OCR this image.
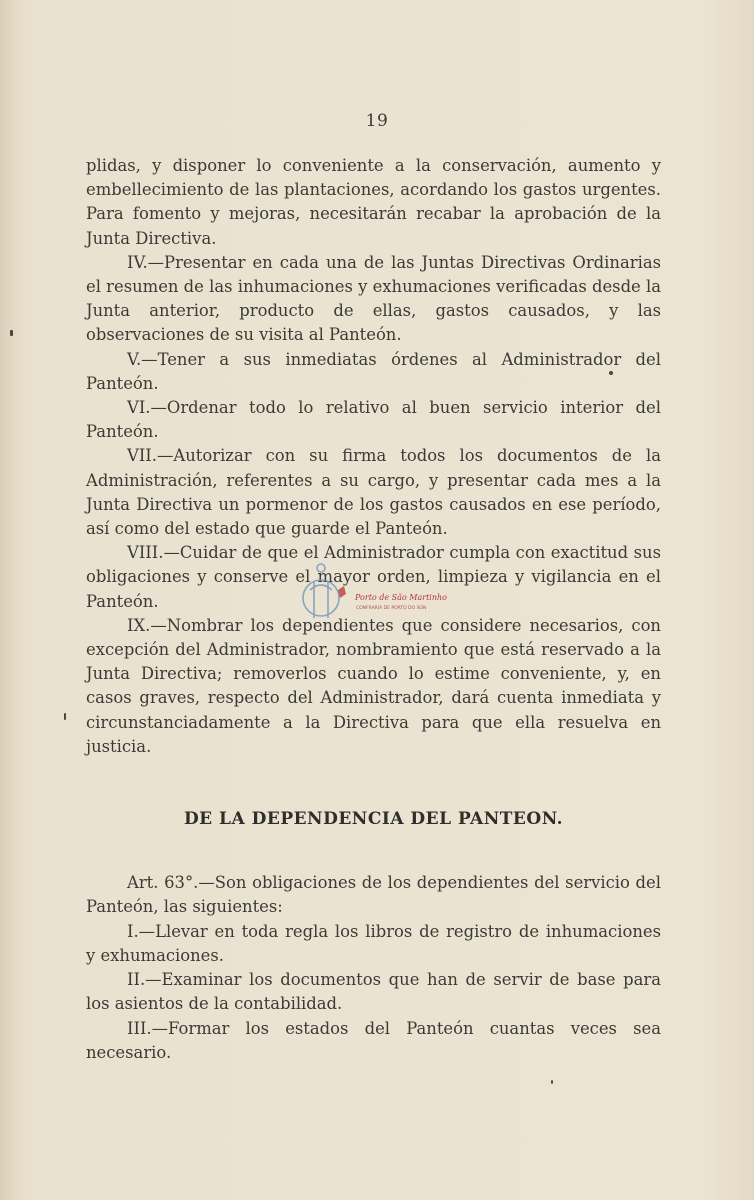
19

plidas, y disponer lo conveniente a la conservación, aumento y embellecimiento de las plantaciones, acordando los gastos urgentes. Para fomento y mejoras, necesitarán recabar la aprobación de la Junta Directiva.

IV.—Presentar en cada una de las Juntas Directivas Ordinarias el resumen de las inhumaciones y exhumaciones verificadas desde la Junta anterior, producto de ellas, gastos causados, y las observaciones de su visita al Panteón.

V.—Tener a sus inmediatas órdenes al Administrador del Panteón.

VI.—Ordenar todo lo relativo al buen servicio interior del Panteón.

VII.—Autorizar con su firma todos los documentos de la Administración, referentes a su cargo, y presentar cada mes a la Junta Directiva un pormenor de los gastos causados en ese período, así como del estado que guarde el Panteón.

VIII.—Cuidar de que el Administrador cumpla con exactitud sus obligaciones y conserve el mayor orden, limpieza y vigilancia en el Panteón.

IX.—Nombrar los dependientes que considere necesarios, con excepción del Administrador, nombramiento que está reservado a la Junta Directiva; removerlos cuando lo estime conveniente, y, en casos graves, respecto del Administrador, dará cuenta inmediata y circunstanciadamente a la Directiva para que ella resuelva en justicia.

DE LA DEPENDENCIA DEL PANTEON.

Art. 63°.—Son obligaciones de los dependientes del servicio del Panteón, las siguientes:

I.—Llevar en toda regla los libros de registro de inhumaciones y exhumaciones.

II.—Examinar los documentos que han de servir de base para los asientos de la contabilidad.

III.—Formar los estados del Panteón cuantas veces sea necesario.

Porto de São Martinho
CONFRARIA DE PORTO DO SON
